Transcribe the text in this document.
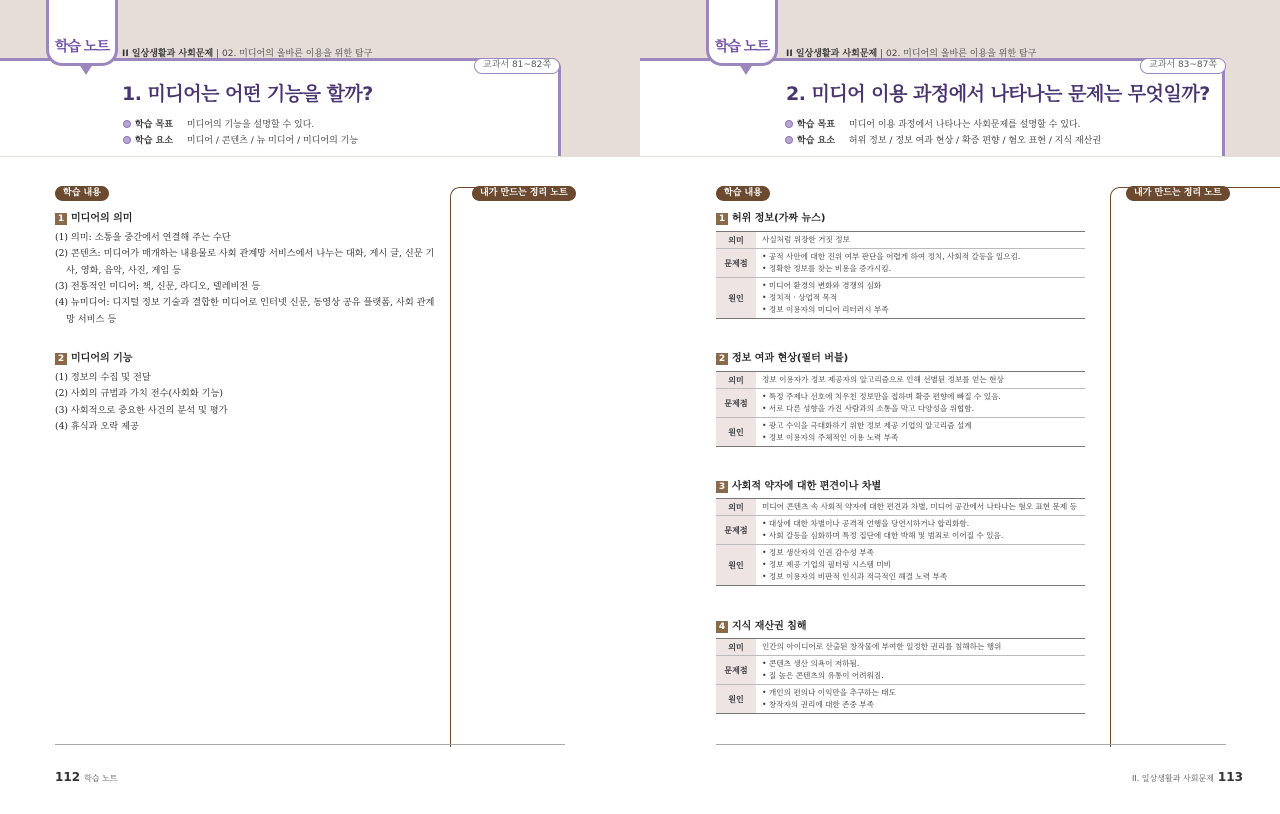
학습 노트	II 일상생활과 사회문제 | 02. 미디어의 올바른 이용을 위한 탐구
교과서 81~82쪽
1. 미디어는 어떤 기능을 할까?
학습 목표 미디어의 기능을 설명할 수 있다.
학습 요소 미디어 / 콘텐츠 / 뉴 미디어 / 미디어의 기능
학습 내용	내가 만드는 정리 노트
1 미디어의 의미
(1) 의미: 소통을 중간에서 연결해 주는 수단
(2) 콘텐츠: 미디어가 매개하는 내용물로 사회 관계망 서비스에서 나누는 대화, 게시 글, 신문 기
사, 영화, 음악, 사진, 게임 등
(3) 전통적인 미디어: 책, 신문, 라디오, 텔레비전 등
(4) 뉴미디어: 디지털 정보 기술과 결합한 미디어로 인터넷 신문, 동영상 공유 플랫폼, 사회 관계
망 서비스 등
2 미디어의 기능
(1) 정보의 수집 및 전달
(2) 사회의 규범과 가치 전수(사회화 기능)
(3) 사회적으로 중요한 사건의 분석 및 평가
(4) 휴식과 오락 제공
112 학습 노트
학습 노트	II 일상생활과 사회문제 | 02. 미디어의 올바른 이용을 위한 탐구
교과서 83~87쪽
2. 미디어 이용 과정에서 나타나는 문제는 무엇일까?
학습 목표 미디어 이용 과정에서 나타나는 사회문제를 설명할 수 있다.
학습 요소 허위 정보 / 정보 여과 현상 / 확증 편향 / 혐오 표현 / 지식 재산권
학습 내용	내가 만드는 정리 노트
1 허위 정보(가짜 뉴스)
의미	사실처럼 위장한 거짓 정보

문제점	• 공적 사안에 대한 진위 여부 판단을 어렵게 하여 정치, 사회적 갈등을 일으킴.
• 정확한 정보를 찾는 비용을 증가시킴.

원인	• 미디어 환경의 변화와 경쟁의 심화
• 정치적 · 상업적 목적
• 정보 이용자의 미디어 리터러시 부족
2 정보 여과 현상(필터 버블)
의미	정보 이용자가 정보 제공자의 알고리즘으로 인해 선별된 정보를 얻는 현상

문제점	• 특정 주제나 선호에 치우친 정보만을 접하며 확증 편향에 빠질 수 있음.
• 서로 다른 성향을 가진 사람과의 소통을 막고 다양성을 위협함.

원인	• 광고 수익을 극대화하기 위한 정보 제공 기업의 알고리즘 설계
• 정보 이용자의 주체적인 이용 노력 부족
3 사회적 약자에 대한 편견이나 차별
의미	미디어 콘텐츠 속 사회적 약자에 대한 편견과 차별, 미디어 공간에서 나타나는 혐오 표현 문제 등

문제점	• 대상에 대한 차별이나 공격적 언행을 당연시하거나 합리화함.
• 사회 갈등을 심화하며 특정 집단에 대한 박해 및 범죄로 이어질 수 있음.

원인	• 정보 생산자의 인권 감수성 부족
• 정보 제공 기업의 필터링 시스템 미비
• 정보 이용자의 비판적 인식과 적극적인 해결 노력 부족
4 지식 재산권 침해
의미	인간의 아이디어로 산출된 창작물에 부여한 일정한 권리를 침해하는 행위

문제점	• 콘텐츠 생산 의욕이 저하됨.
• 질 높은 콘텐츠의 유통이 어려워짐.

원인	• 개인의 편의나 이익만을 추구하는 태도
• 창작자의 권리에 대한 존중 부족
II. 일상생활과 사회문제 113
